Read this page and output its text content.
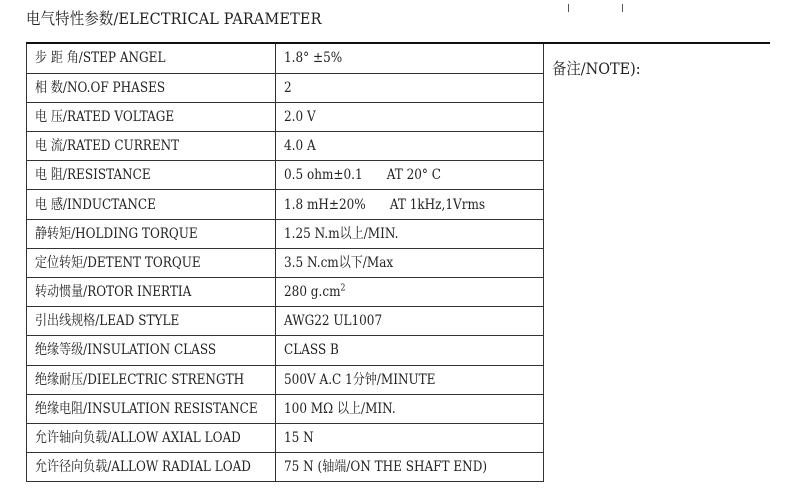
电气特性参数/ELECTRICAL PARAMETER
步 距 角/STEP ANGEL	1.8° ±5%
相 数/NO.OF PHASES	2
电 压/RATED VOLTAGE	2.0 V
电 流/RATED CURRENT	4.0 A
电 阻/RESISTANCE	0.5 ohm±0.1 AT 20° C
电 感/INDUCTANCE	1.8 mH±20% AT 1kHz,1Vrms
静转矩/HOLDING TORQUE	1.25 N.m以上/MIN.
定位转矩/DETENT TORQUE	3.5 N.cm以下/Max
转动惯量/ROTOR INERTIA	280 $g.cm^2$
引出线规格/LEAD STYLE	AWG22 UL1007
绝缘等级/INSULATION CLASS	CLASS B
绝缘耐压/DIELECTRIC STRENGTH	500V A.C 1分钟/MINUTE
绝缘电阻/INSULATION RESISTANCE	100 MΩ 以上/MIN.
允许轴向负载/ALLOW AXIAL LOAD	15 N
允许径向负载/ALLOW RADIAL LOAD	75 N (轴端/ON THE SHAFT END)
备注/NOTE):
